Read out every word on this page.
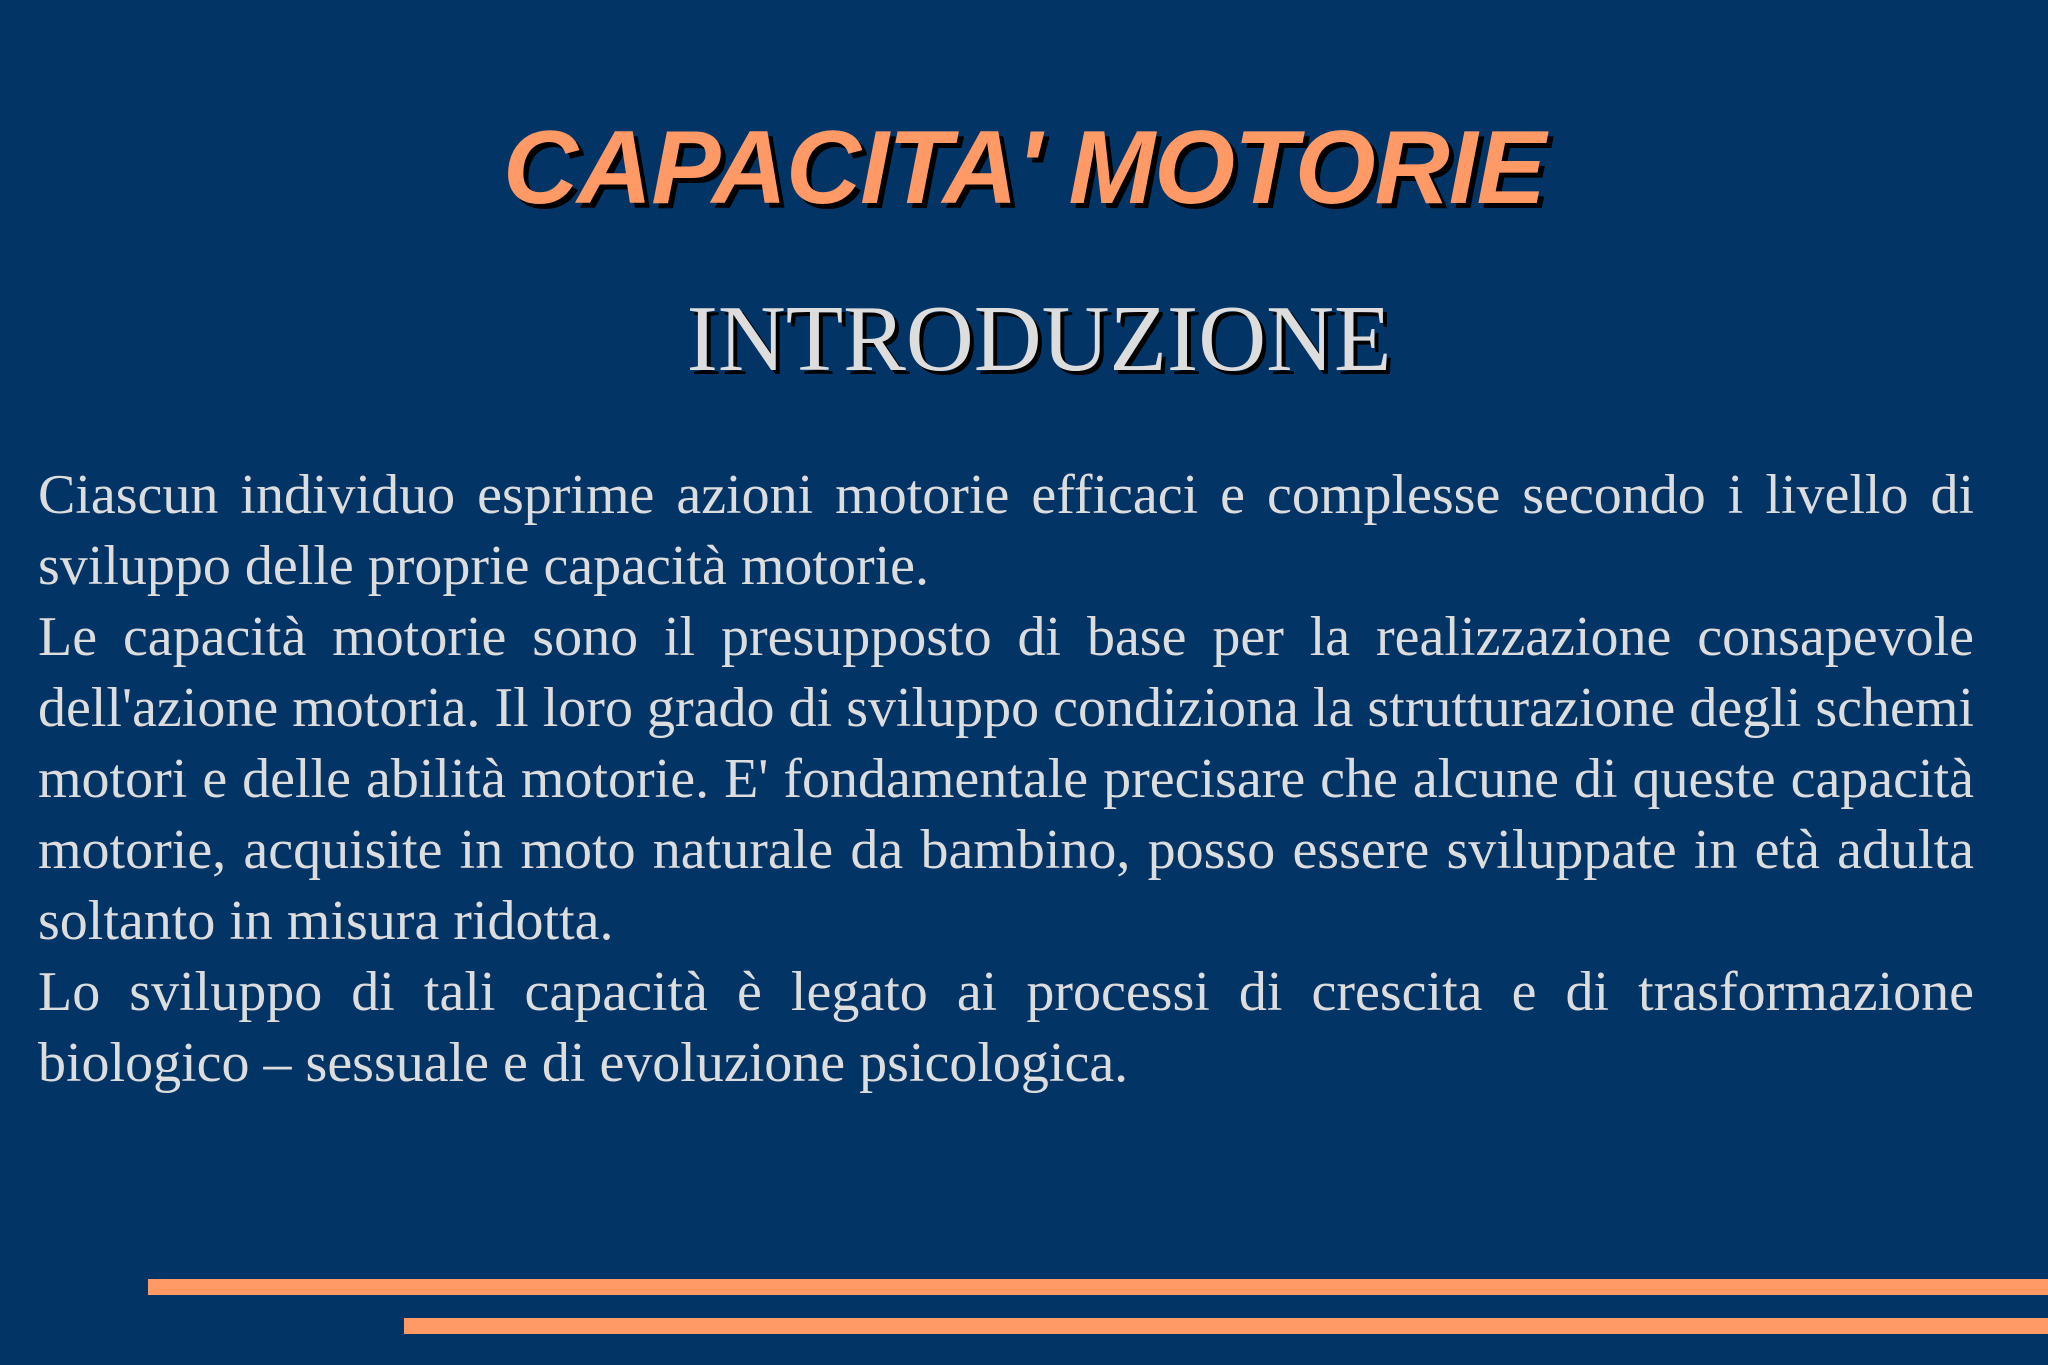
CAPACITA' MOTORIE
INTRODUZIONE

Ciascun individuo esprime azioni motorie efficaci e complesse secondo i livello di sviluppo delle proprie capacità motorie.

Le capacità motorie sono il presupposto di base per la realizzazione consapevole dell'azione motoria. Il loro grado di sviluppo condiziona la strutturazione degli schemi motori e delle abilità motorie. E' fondamentale precisare che alcune di queste capacità motorie, acquisite in moto naturale da bambino, posso essere sviluppate in età adulta soltanto in misura ridotta.

Lo sviluppo di tali capacità è legato ai processi di crescita e di trasformazione biologico – sessuale e di evoluzione psicologica.
